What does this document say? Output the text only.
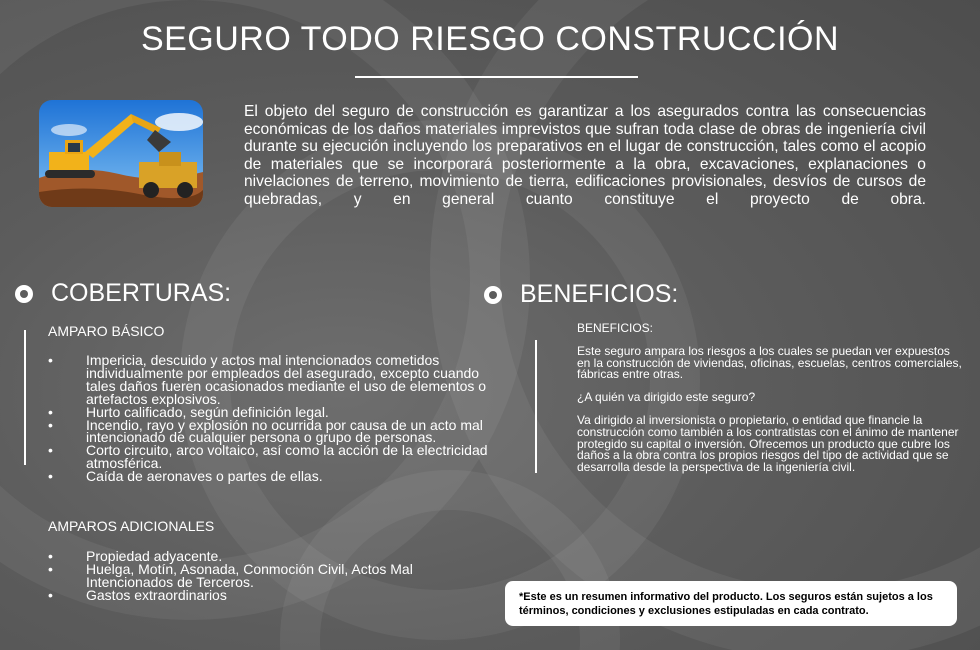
SEGURO TODO RIESGO CONSTRUCCIÓN

El objeto del seguro de construcción es garantizar a los asegurados contra las consecuencias económicas de los daños materiales imprevistos que sufran toda clase de obras de ingeniería civil durante su ejecución incluyendo los preparativos en el lugar de construcción, tales como el acopio de materiales que se incorporará posteriormente a la obra, excavaciones, explanaciones o nivelaciones de terreno, movimiento de tierra, edificaciones provisionales, desvíos de cursos de quebradas, y en general cuanto constituye el proyecto de obra.

COBERTURAS:
AMPARO BÁSICO
• Impericia, descuido y actos mal intencionados cometidos individualmente por empleados del asegurado, excepto cuando tales daños fueren ocasionados mediante el uso de elementos o artefactos explosivos.
• Hurto calificado, según definición legal.
• Incendio, rayo y explosión no ocurrida por causa de un acto mal intencionado de cualquier persona o grupo de personas.
• Corto circuito, arco voltaico, así como la acción de la electricidad atmosférica.
• Caída de aeronaves o partes de ellas.
AMPAROS ADICIONALES
• Propiedad adyacente.
• Huelga, Motín, Asonada, Conmoción Civil, Actos Mal Intencionados de Terceros.
• Gastos extraordinarios
BENEFICIOS:

BENEFICIOS:

Este seguro ampara los riesgos a los cuales se puedan ver expuestos en la construcción de viviendas, oficinas, escuelas, centros comerciales, fábricas entre otras.

¿A quién va dirigido este seguro?

Va dirigido al inversionista o propietario, o entidad que financie la construcción como también a los contratistas con el ánimo de mantener protegido su capital o inversión. Ofrecemos un producto que cubre los daños a la obra contra los propios riesgos del tipo de actividad que se desarrolla desde la perspectiva de la ingeniería civil.

*Este es un resumen informativo del producto. Los seguros están sujetos a los términos, condiciones y exclusiones estipuladas en cada contrato.
